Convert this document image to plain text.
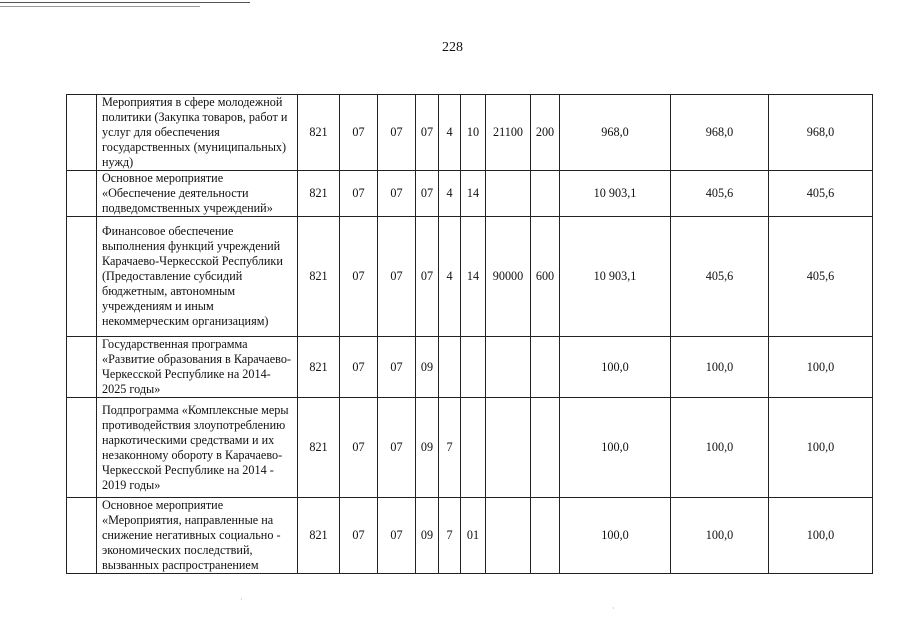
228
	Мероприятия в сфере молодежной политики (Закупка товаров, работ и услуг для обеспечения государственных (муниципальных) нужд)	821	07	07	07	4	10	21100	200	968,0	968,0	968,0
	Основное мероприятие «Обеспечение деятельности подведомственных учреждений»	821	07	07	07	4	14			10 903,1	405,6	405,6
	Финансовое обеспечение выполнения функций учреждений Карачаево-Черкесской Республики (Предоставление субсидий бюджетным, автономным учреждениям и иным некоммерческим организациям)	821	07	07	07	4	14	90000	600	10 903,1	405,6	405,6
	Государственная программа «Развитие образования в Карачаево-Черкесской Республике на 2014-2025 годы»	821	07	07	09					100,0	100,0	100,0
	Подпрограмма «Комплексные меры противодействия злоупотреблению наркотическими средствами и их незаконному обороту в Карачаево-Черкесской Республике на 2014 - 2019 годы»	821	07	07	09	7				100,0	100,0	100,0
	Основное мероприятие «Мероприятия, направленные на снижение негативных социально - экономических последствий, вызванных распространением	821	07	07	09	7	01			100,0	100,0	100,0
·
·
